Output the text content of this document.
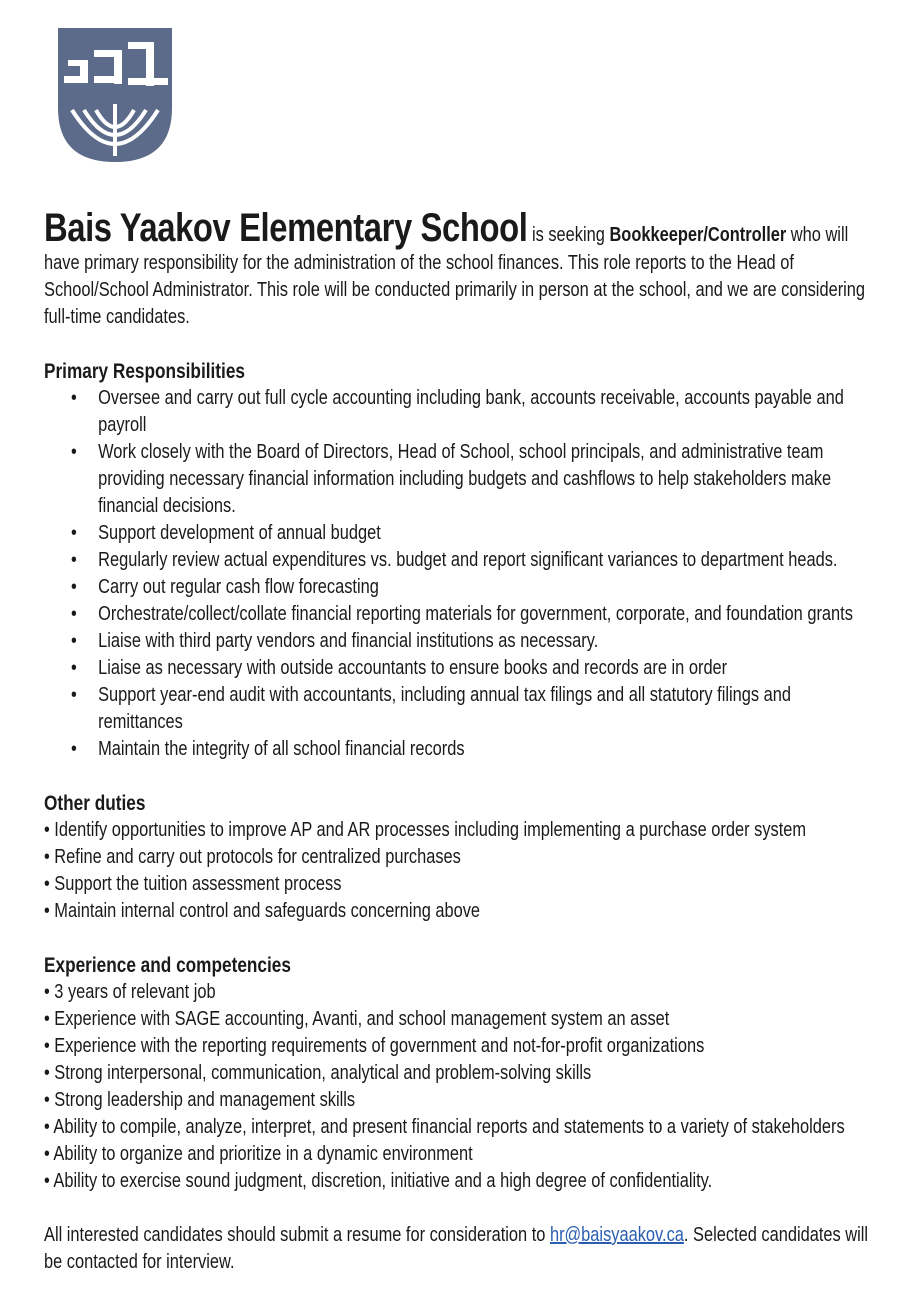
Bais Yaakov Elementary School is seeking Bookkeeper/Controller who will have primary responsibility for the administration of the school finances. This role reports to the Head of School/School Administrator. This role will be conducted primarily in person at the school, and we are considering full-time candidates.

Primary Responsibilities
• Oversee and carry out full cycle accounting including bank, accounts receivable, accounts payable and payroll
• Work closely with the Board of Directors, Head of School, school principals, and administrative team providing necessary financial information including budgets and cashflows to help stakeholders make financial decisions.
• Support development of annual budget
• Regularly review actual expenditures vs. budget and report significant variances to department heads.
• Carry out regular cash flow forecasting
• Orchestrate/collect/collate financial reporting materials for government, corporate, and foundation grants
• Liaise with third party vendors and financial institutions as necessary.
• Liaise as necessary with outside accountants to ensure books and records are in order
• Support year-end audit with accountants, including annual tax filings and all statutory filings and remittances
• Maintain the integrity of all school financial records
Other duties
• Identify opportunities to improve AP and AR processes including implementing a purchase order system
• Refine and carry out protocols for centralized purchases
• Support the tuition assessment process
• Maintain internal control and safeguards concerning above
Experience and competencies
• 3 years of relevant job
• Experience with SAGE accounting, Avanti, and school management system an asset
• Experience with the reporting requirements of government and not-for-profit organizations
• Strong interpersonal, communication, analytical and problem-solving skills
• Strong leadership and management skills
• Ability to compile, analyze, interpret, and present financial reports and statements to a variety of stakeholders
• Ability to organize and prioritize in a dynamic environment
• Ability to exercise sound judgment, discretion, initiative and a high degree of confidentiality.

All interested candidates should submit a resume for consideration to hr@baisyaakov.ca. Selected candidates will be contacted for interview.
